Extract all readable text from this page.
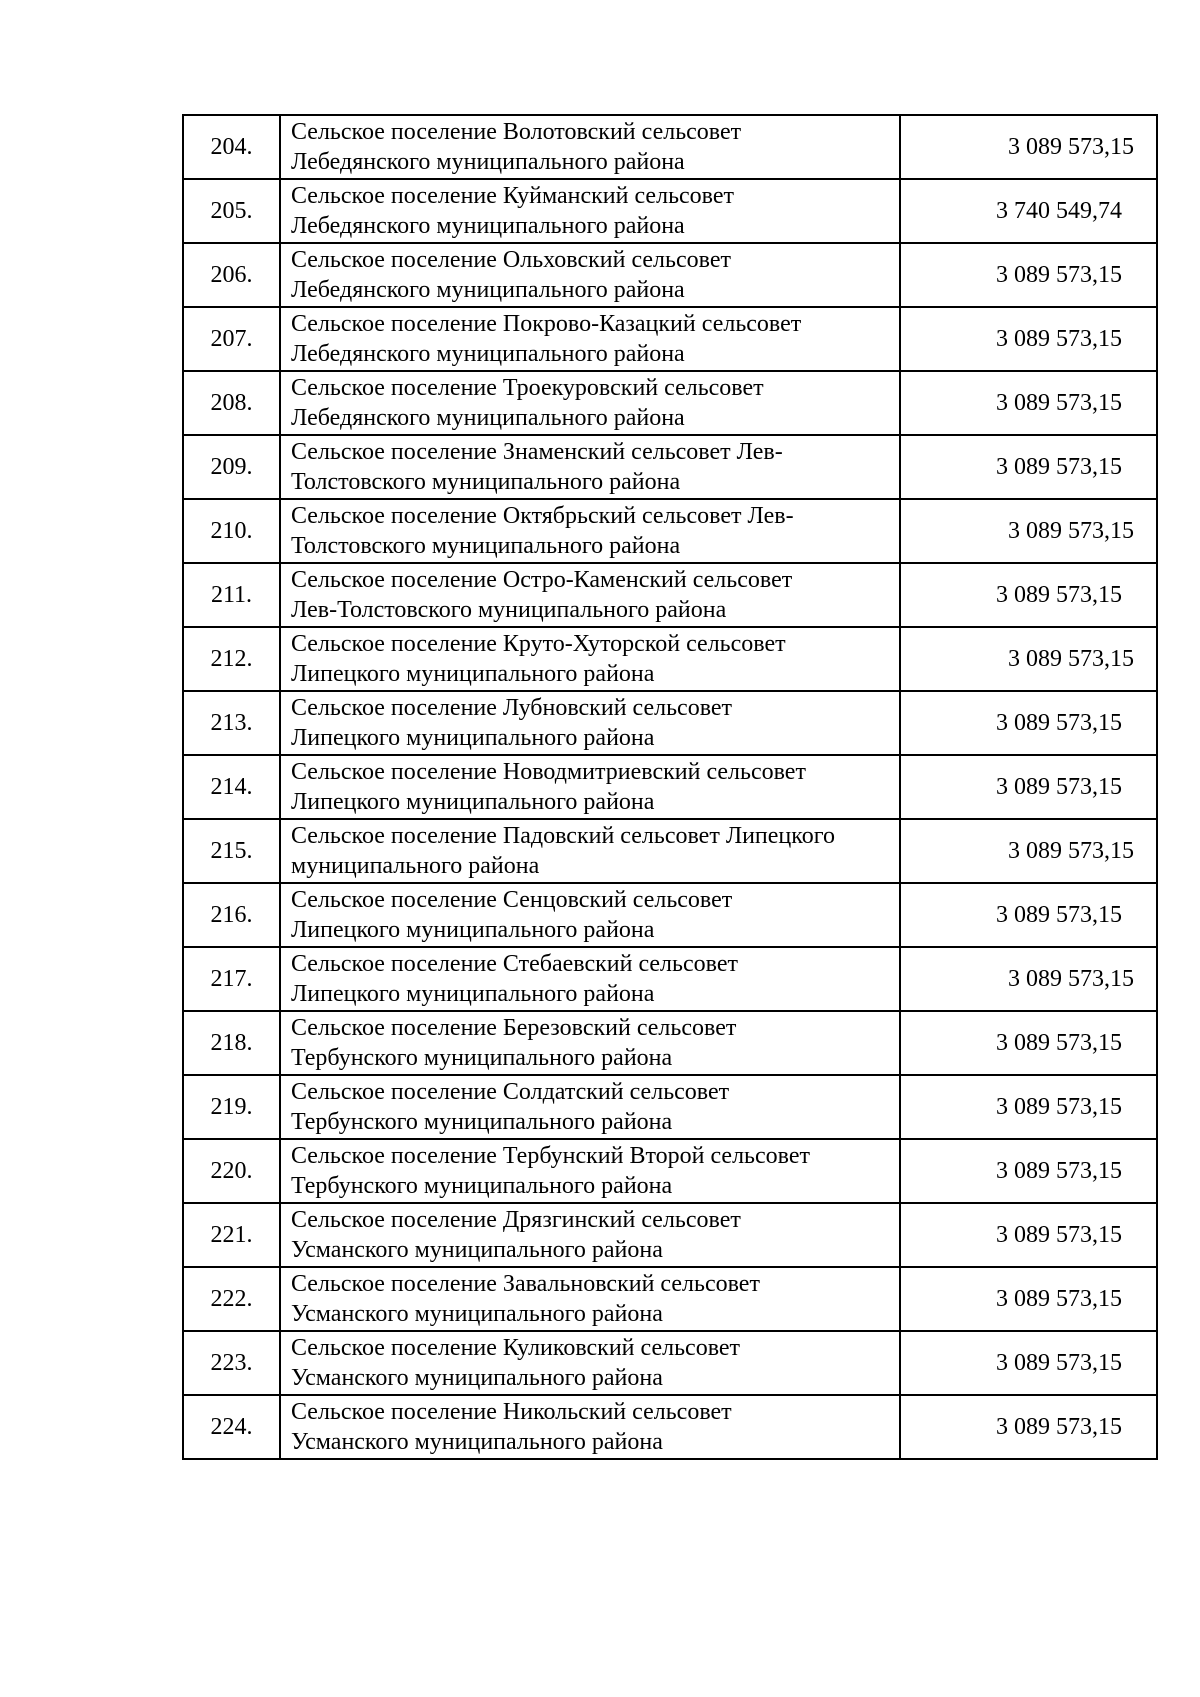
204.	Сельское поселение Волотовский сельсовет
Лебедянского муниципального района	3 089 573,15
205.	Сельское поселение Куйманский сельсовет
Лебедянского муниципального района	3 740 549,74
206.	Сельское поселение Ольховский сельсовет
Лебедянского муниципального района	3 089 573,15
207.	Сельское поселение Покрово-Казацкий сельсовет
Лебедянского муниципального района	3 089 573,15
208.	Сельское поселение Троекуровский сельсовет
Лебедянского муниципального района	3 089 573,15
209.	Сельское поселение Знаменский сельсовет Лев-
Толстовского муниципального района	3 089 573,15
210.	Сельское поселение Октябрьский сельсовет Лев-
Толстовского муниципального района	3 089 573,15
211.	Сельское поселение Остро-Каменский сельсовет
Лев-Толстовского муниципального района	3 089 573,15
212.	Сельское поселение Круто-Хуторской сельсовет
Липецкого муниципального района	3 089 573,15
213.	Сельское поселение Лубновский сельсовет
Липецкого муниципального района	3 089 573,15
214.	Сельское поселение Новодмитриевский сельсовет
Липецкого муниципального района	3 089 573,15
215.	Сельское поселение Падовский сельсовет Липецкого
муниципального района	3 089 573,15
216.	Сельское поселение Сенцовский сельсовет
Липецкого муниципального района	3 089 573,15
217.	Сельское поселение Стебаевский сельсовет
Липецкого муниципального района	3 089 573,15
218.	Сельское поселение Березовский сельсовет
Тербунского муниципального района	3 089 573,15
219.	Сельское поселение Солдатский сельсовет
Тербунского муниципального района	3 089 573,15
220.	Сельское поселение Тербунский Второй сельсовет
Тербунского муниципального района	3 089 573,15
221.	Сельское поселение Дрязгинский сельсовет
Усманского муниципального района	3 089 573,15
222.	Сельское поселение Завальновский сельсовет
Усманского муниципального района	3 089 573,15
223.	Сельское поселение Куликовский сельсовет
Усманского муниципального района	3 089 573,15
224.	Сельское поселение Никольский сельсовет
Усманского муниципального района	3 089 573,15
